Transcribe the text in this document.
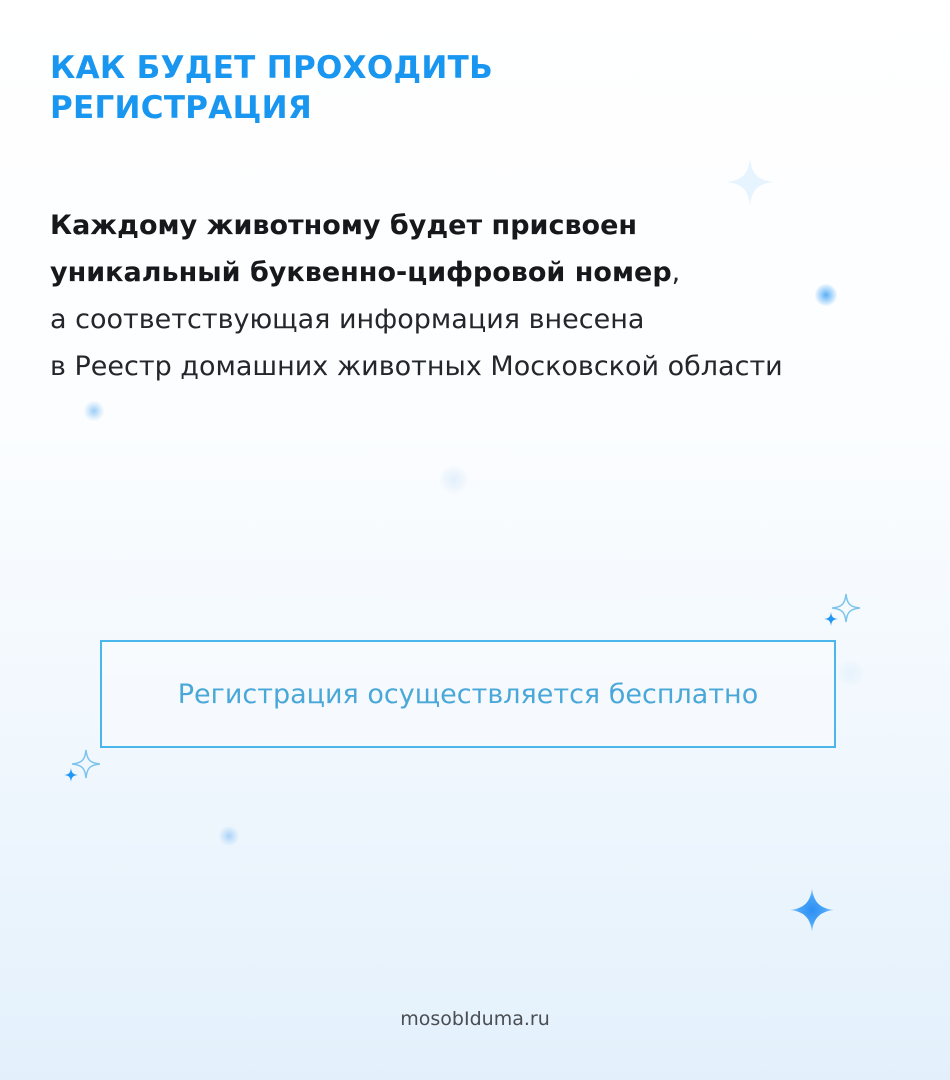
КАК БУДЕТ ПРОХОДИТЬ
РЕГИСТРАЦИЯ
Каждому животному будет присвоен
уникальный буквенно-цифровой номер,
а соответствующая информация внесена
в Реестр домашних животных Московской области
Регистрация осуществляется бесплатно
mosobIduma.ru
